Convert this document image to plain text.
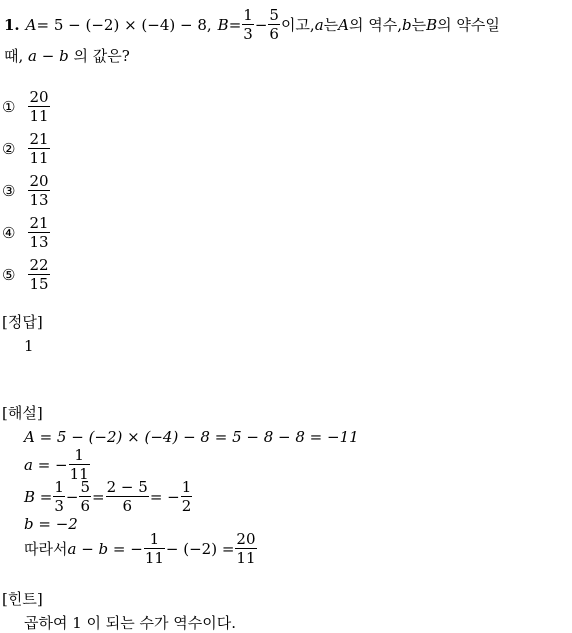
1. A = 5 − (−2) × (−4) − 8, $B = \frac{1}{3} - \frac{5}{6}$ 이고, a 는 A 의 역수, b 는 B 의 약수일
때, a − b 의 값은?
① $\frac{20}{11}$
② $\frac{21}{11}$
③ $\frac{20}{13}$
④ $\frac{21}{13}$
⑤ $\frac{22}{15}$
[정답]
1
[해설]
A = 5 − (−2) × (−4) − 8 = 5 − 8 − 8 = −11
a = − $\frac{1}{11}$
$B = \frac{1}{3} - \frac{5}{6} = \frac{2 - 5}{6}$ = − $\frac{1}{2}$
b = −2
따라서 a − b = − $\frac{1}{11} - (-2) = \frac{20}{11}$
[힌트]
곱하여 1 이 되는 수가 역수이다.
